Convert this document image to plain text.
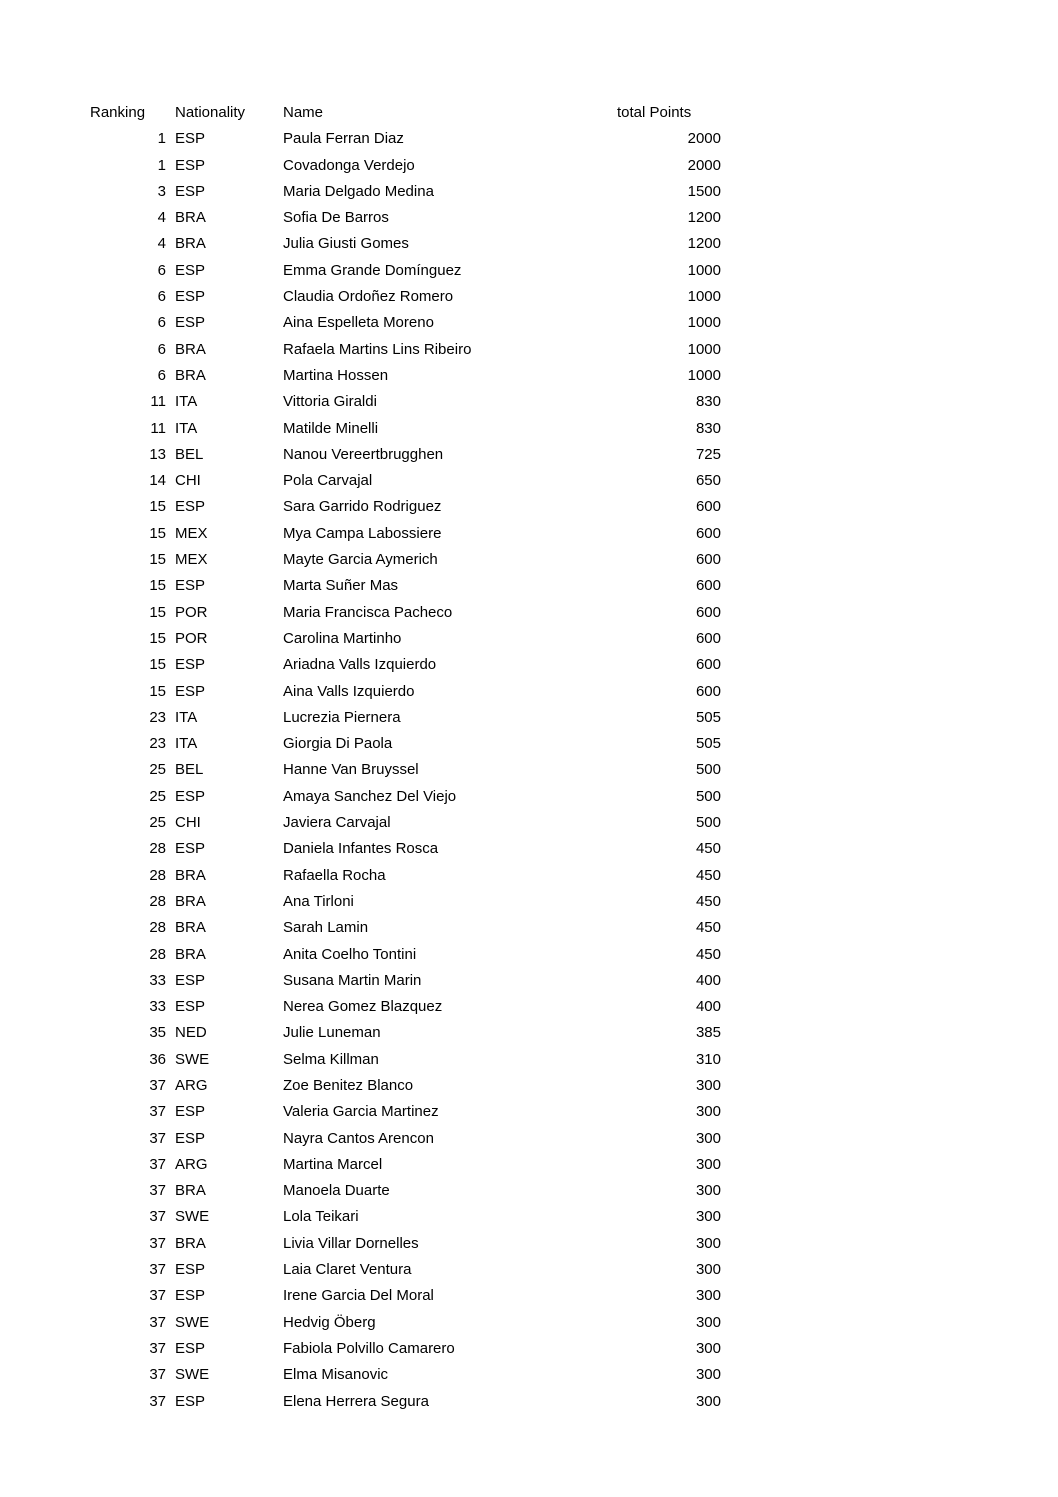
Ranking	Nationality	Name	total Points
1 ESP	Paula Ferran Diaz	2000
1 ESP	Covadonga Verdejo	2000
3 ESP	Maria Delgado Medina	1500
4 BRA	Sofia De Barros	1200
4 BRA	Julia Giusti Gomes	1200
6 ESP	Emma Grande Domínguez	1000
6 ESP	Claudia Ordoñez Romero	1000
6 ESP	Aina Espelleta Moreno	1000
6 BRA	Rafaela Martins Lins Ribeiro	1000
6 BRA	Martina Hossen	1000
11 ITA	Vittoria Giraldi	830
11 ITA	Matilde Minelli	830
13 BEL	Nanou Vereertbrugghen	725
14 CHI	Pola Carvajal	650
15 ESP	Sara Garrido Rodriguez	600
15 MEX	Mya Campa Labossiere	600
15 MEX	Mayte Garcia Aymerich	600
15 ESP	Marta Suñer Mas	600
15 POR	Maria Francisca Pacheco	600
15 POR	Carolina Martinho	600
15 ESP	Ariadna Valls Izquierdo	600
15 ESP	Aina Valls Izquierdo	600
23 ITA	Lucrezia Piernera	505
23 ITA	Giorgia Di Paola	505
25 BEL	Hanne Van Bruyssel	500
25 ESP	Amaya Sanchez Del Viejo	500
25 CHI	Javiera Carvajal	500
28 ESP	Daniela Infantes Rosca	450
28 BRA	Rafaella Rocha	450
28 BRA	Ana Tirloni	450
28 BRA	Sarah Lamin	450
28 BRA	Anita Coelho Tontini	450
33 ESP	Susana Martin Marin	400
33 ESP	Nerea Gomez Blazquez	400
35 NED	Julie Luneman	385
36 SWE	Selma Killman	310
37 ARG	Zoe Benitez Blanco	300
37 ESP	Valeria Garcia Martinez	300
37 ESP	Nayra Cantos Arencon	300
37 ARG	Martina Marcel	300
37 BRA	Manoela Duarte	300
37 SWE	Lola Teikari	300
37 BRA	Livia Villar Dornelles	300
37 ESP	Laia Claret Ventura	300
37 ESP	Irene Garcia Del Moral	300
37 SWE	Hedvig Öberg	300
37 ESP	Fabiola Polvillo Camarero	300
37 SWE	Elma Misanovic	300
37 ESP	Elena Herrera Segura	300
